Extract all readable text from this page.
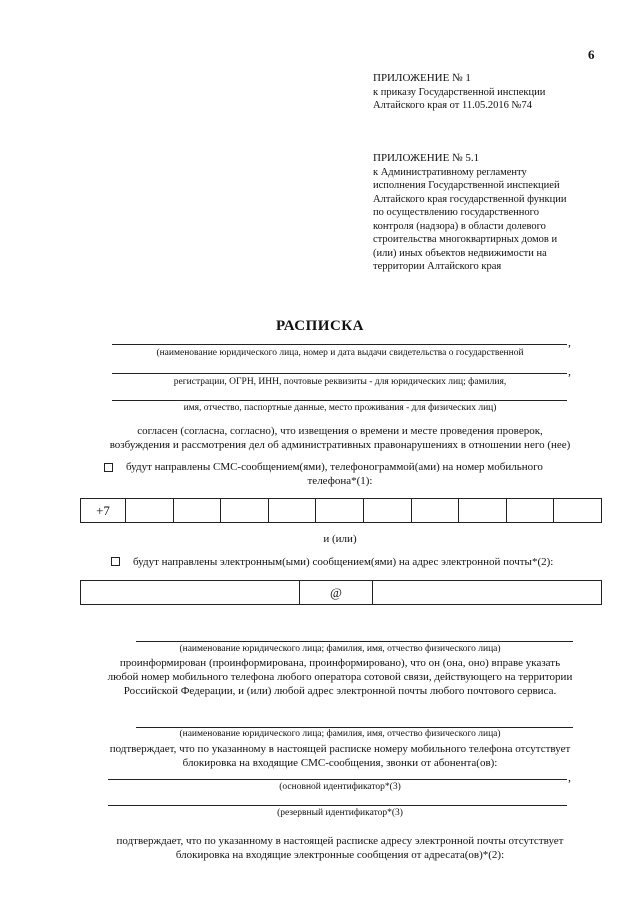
6
ПРИЛОЖЕНИЕ № 1
к приказу Государственной инспекции
Алтайского края от 11.05.2016 №74
ПРИЛОЖЕНИЕ № 5.1
к Административному регламенту
исполнения Государственной инспекцией
Алтайского края государственной функции
по осуществлению государственного
контроля (надзора) в области долевого
строительства многоквартирных домов и
(или) иных объектов недвижимости на
территории Алтайского края
РАСПИСКА
,
(наименование юридического лица, номер и дата выдачи свидетельства о государственной
,
регистрации, ОГРН, ИНН, почтовые реквизиты - для юридических лиц; фамилия,
имя, отчество, паспортные данные, место проживания - для физических лиц)
согласен (согласна, согласно), что извещения о времени и месте проведения проверок,
возбуждения и рассмотрения дел об административных правонарушениях в отношении него (нее)
будут направлены СМС-сообщением(ями), телефонограммой(ами) на номер мобильного
телефона*(1):
+7										
и (или)
будут направлены электронным(ыми) сообщением(ями) на адрес электронной почты*(2):
	@	
(наименование юридического лица; фамилия, имя, отчество физического лица)
проинформирован (проинформирована, проинформировано), что он (она, оно) вправе указать
любой номер мобильного телефона любого оператора сотовой связи, действующего на территории
Российской Федерации, и (или) любой адрес электронной почты любого почтового сервиса.
(наименование юридического лица; фамилия, имя, отчество физического лица)
подтверждает, что по указанному в настоящей расписке номеру мобильного телефона отсутствует
блокировка на входящие СМС-сообщения, звонки от абонента(ов):
,
(основной идентификатор*(3)
(резервный идентификатор*(3)
подтверждает, что по указанному в настоящей расписке адресу электронной почты отсутствует
блокировка на входящие электронные сообщения от адресата(ов)*(2):
